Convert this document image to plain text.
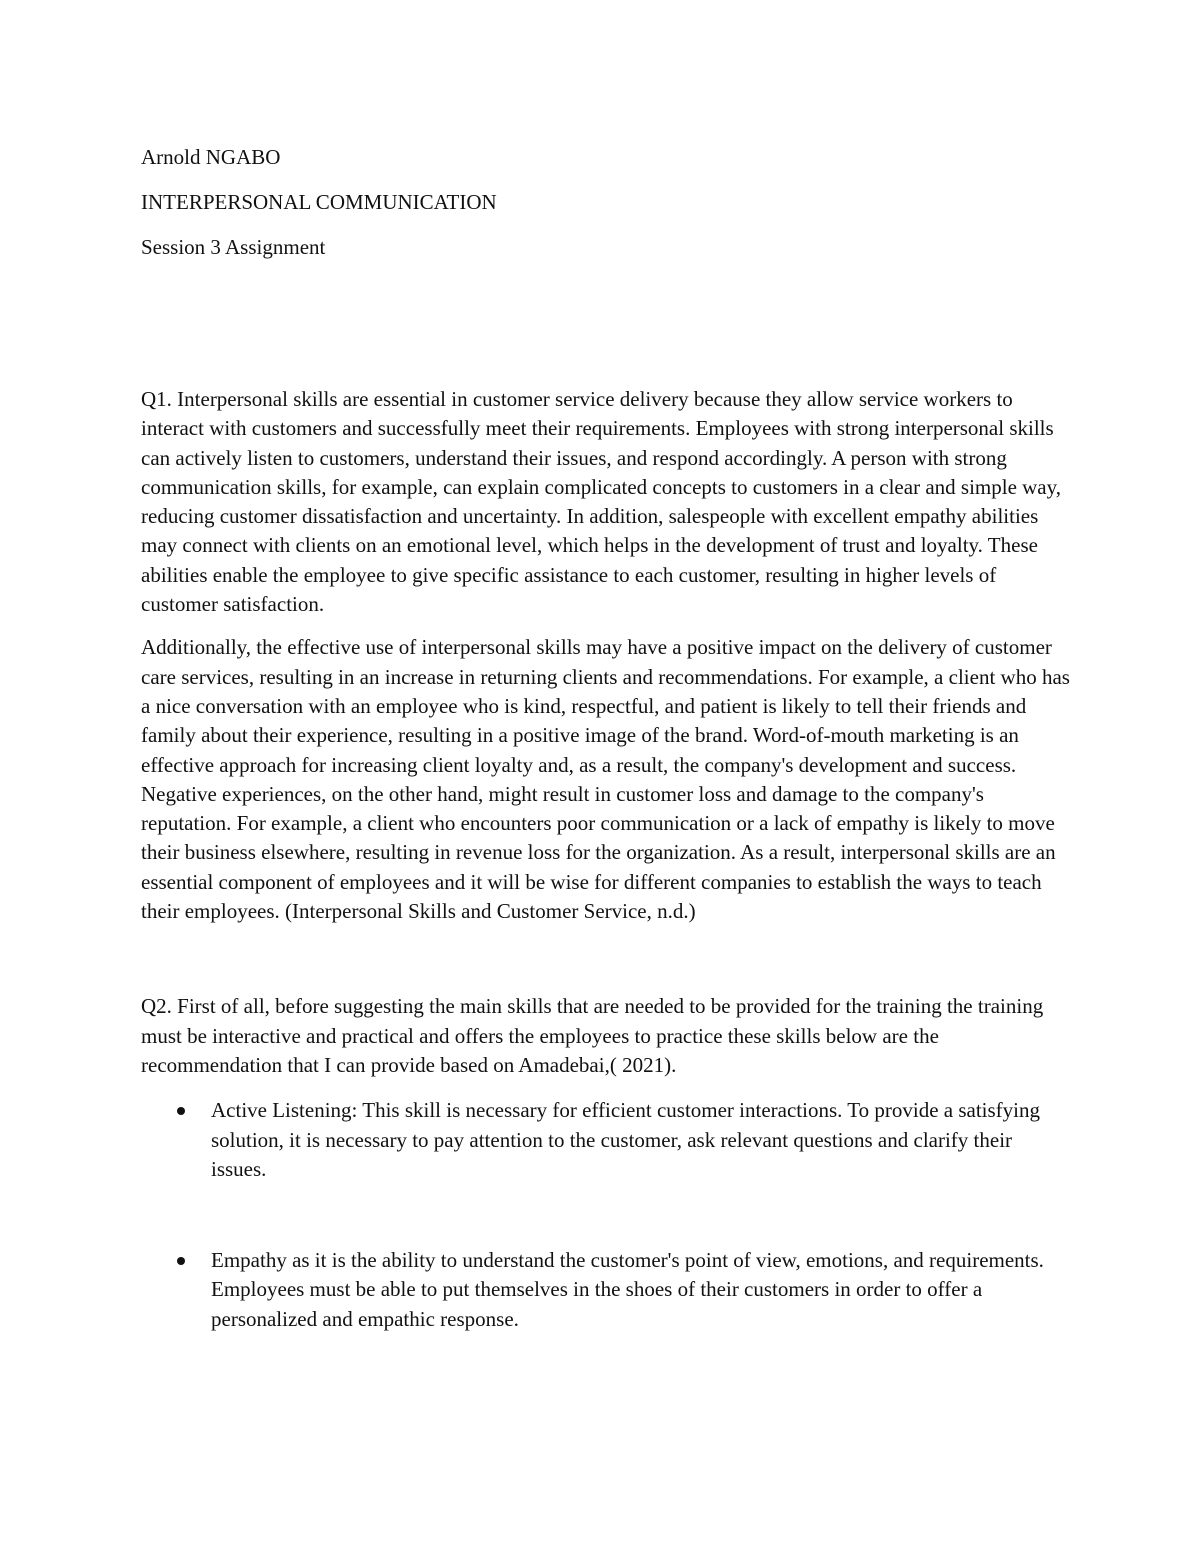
Arnold NGABO

INTERPERSONAL COMMUNICATION

Session 3 Assignment

Q1. Interpersonal skills are essential in customer service delivery because they allow service workers to interact with customers and successfully meet their requirements. Employees with strong interpersonal skills can actively listen to customers, understand their issues, and respond accordingly. A person with strong communication skills, for example, can explain complicated concepts to customers in a clear and simple way, reducing customer dissatisfaction and uncertainty. In addition, salespeople with excellent empathy abilities may connect with clients on an emotional level, which helps in the development of trust and loyalty. These abilities enable the employee to give specific assistance to each customer, resulting in higher levels of customer satisfaction.

Additionally, the effective use of interpersonal skills may have a positive impact on the delivery of customer care services, resulting in an increase in returning clients and recommendations. For example, a client who has a nice conversation with an employee who is kind, respectful, and patient is likely to tell their friends and family about their experience, resulting in a positive image of the brand. Word-of-mouth marketing is an effective approach for increasing client loyalty and, as a result, the company's development and success. Negative experiences, on the other hand, might result in customer loss and damage to the company's reputation. For example, a client who encounters poor communication or a lack of empathy is likely to move their business elsewhere, resulting in revenue loss for the organization. As a result, interpersonal skills are an essential component of employees and it will be wise for different companies to establish the ways to teach their employees. (Interpersonal Skills and Customer Service, n.d.)

Q2. First of all, before suggesting the main skills that are needed to be provided for the training the training must be interactive and practical and offers the employees to practice these skills below are the recommendation that I can provide based on Amadebai,( 2021).

Active Listening: This skill is necessary for efficient customer interactions. To provide a satisfying solution, it is necessary to pay attention to the customer, ask relevant questions and clarify their issues.
Empathy as it is the ability to understand the customer's point of view, emotions, and requirements. Employees must be able to put themselves in the shoes of their customers in order to offer a personalized and empathic response.
